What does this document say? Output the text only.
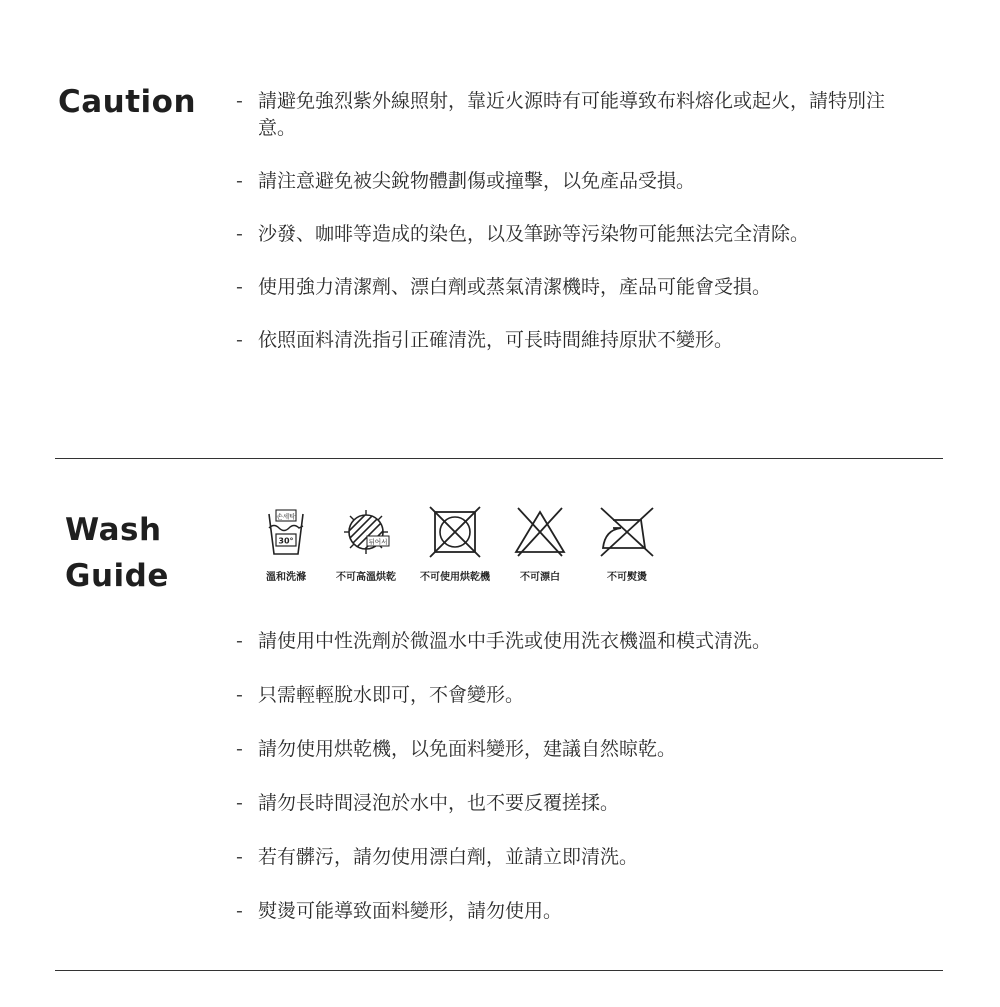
Caution - 請避免強烈紫外線照射，靠近火源時有可能導致布料熔化或起火，請特別注意。
- 請注意避免被尖銳物體劃傷或撞擊，以免產品受損。
- 沙發、咖啡等造成的染色，以及筆跡等污染物可能無法完全清除。
- 使用強力清潔劑、漂白劑或蒸氣清潔機時，產品可能會受損。
- 依照面料清洗指引正確清洗，可長時間維持原狀不變形。
Wash
Guide
30°
손세탁
溫和洗滌
뒤어서
不可高溫烘乾	不可使用烘乾機	不可漂白	不可熨燙
- 請使用中性洗劑於微溫水中手洗或使用洗衣機溫和模式清洗。
- 只需輕輕脫水即可，不會變形。
- 請勿使用烘乾機，以免面料變形，建議自然晾乾。
- 請勿長時間浸泡於水中，也不要反覆搓揉。
- 若有髒污，請勿使用漂白劑，並請立即清洗。
- 熨燙可能導致面料變形，請勿使用。
